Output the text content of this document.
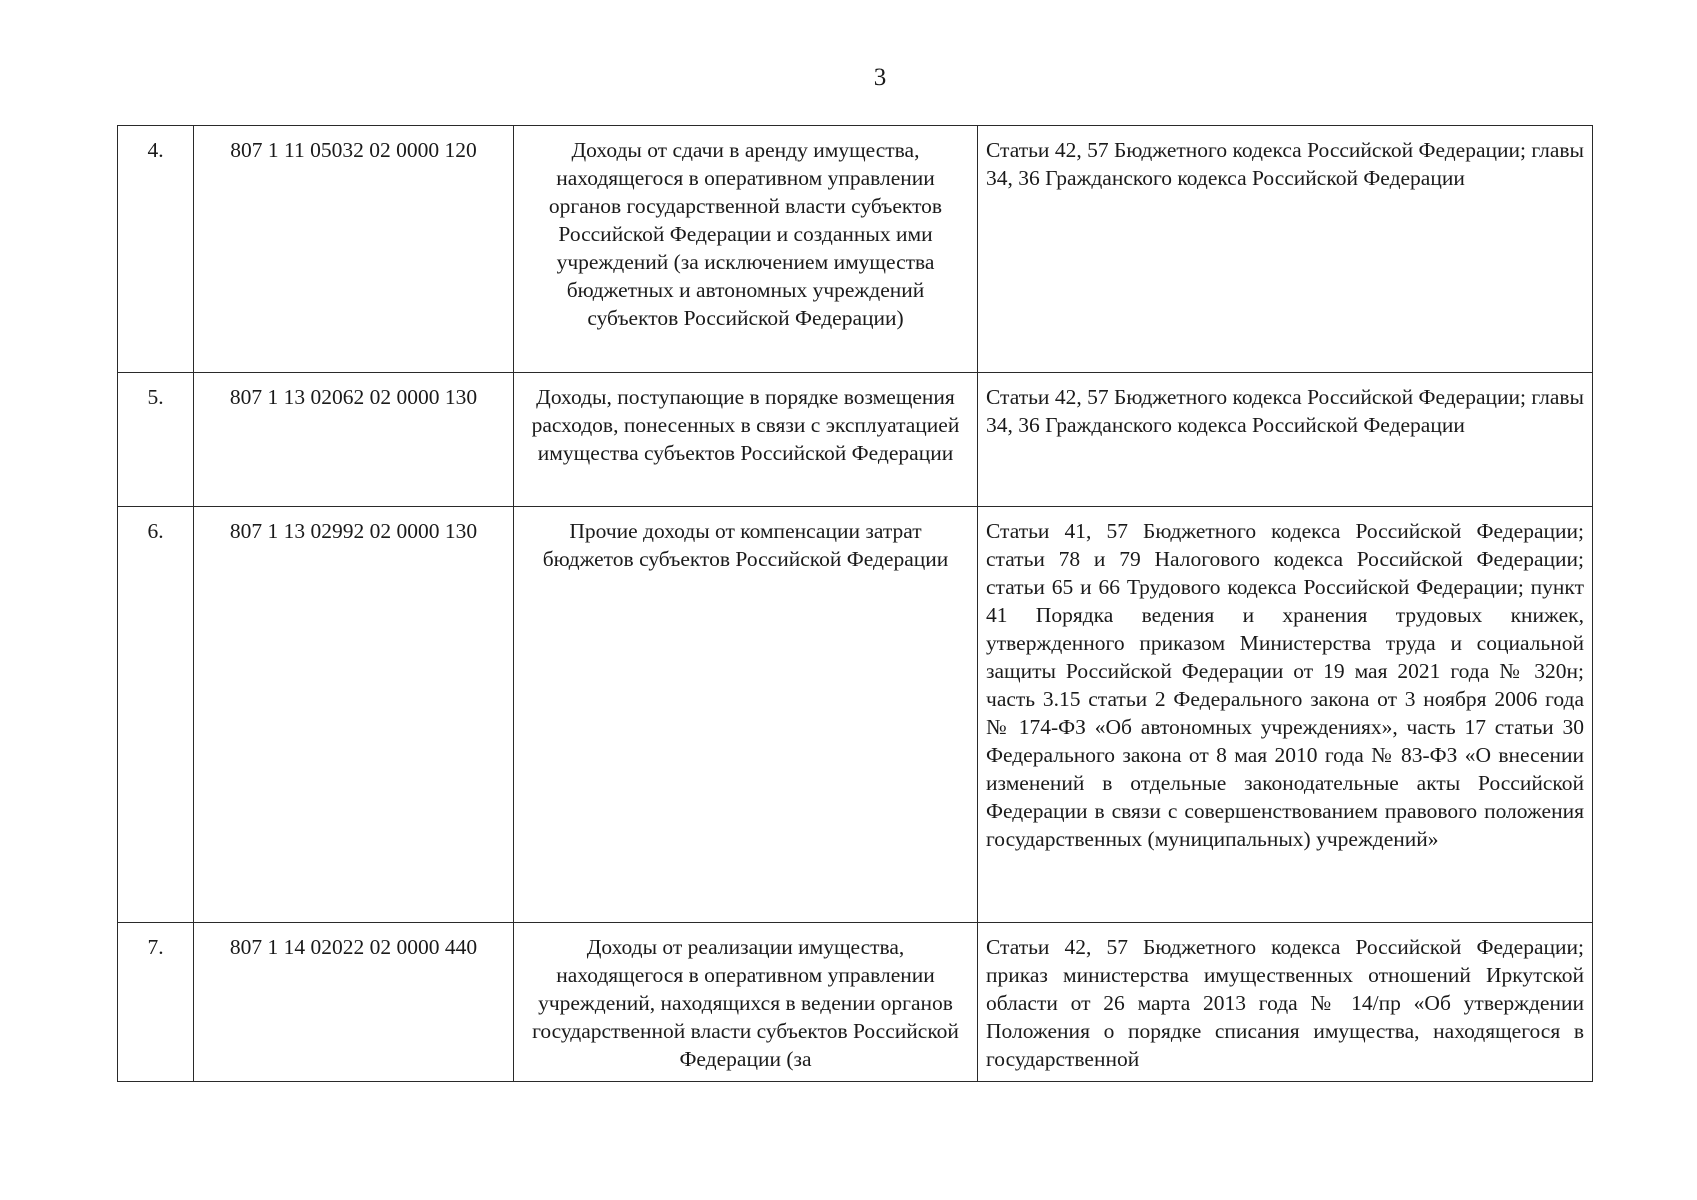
3
4.	807 1 11 05032 02 0000 120	Доходы от сдачи в аренду имущества, находящегося в оперативном управлении органов государственной власти субъектов Российской Федерации и созданных ими учреждений (за исключением имущества бюджетных и автономных учреждений субъектов Российской Федерации)	Статьи 42, 57 Бюджетного кодекса Российской Федерации; главы 34, 36 Гражданского кодекса Российской Федерации
5.	807 1 13 02062 02 0000 130	Доходы, поступающие в порядке возмещения расходов, понесенных в связи с эксплуатацией имущества субъектов Российской Федерации	Статьи 42, 57 Бюджетного кодекса Российской Федерации; главы 34, 36 Гражданского кодекса Российской Федерации
6.	807 1 13 02992 02 0000 130	Прочие доходы от компенсации затрат бюджетов субъектов Российской Федерации	Статьи 41, 57 Бюджетного кодекса Российской Федерации; статьи 78 и 79 Налогового кодекса Российской Федерации; статьи 65 и 66 Трудового кодекса Российской Федерации; пункт 41 Порядка ведения и хранения трудовых книжек, утвержденного приказом Министерства труда и социальной защиты Российской Федерации от 19 мая 2021 года № 320н; часть 3.15 статьи 2 Федерального закона от 3 ноября 2006 года № 174-ФЗ «Об автономных учреждениях», часть 17 статьи 30 Федерального закона от 8 мая 2010 года № 83-ФЗ «О внесении изменений в отдельные законодательные акты Российской Федерации в связи с совершенствованием правового положения государственных (муниципальных) учреждений»
7.	807 1 14 02022 02 0000 440	Доходы от реализации имущества, находящегося в оперативном управлении учреждений, находящихся в ведении органов государственной власти субъектов Российской Федерации (за	Статьи 42, 57 Бюджетного кодекса Российской Федерации; приказ министерства имущественных отношений Иркутской области от 26 марта 2013 года № 14/пр «Об утверждении Положения о порядке списания имущества, находящегося в государственной
